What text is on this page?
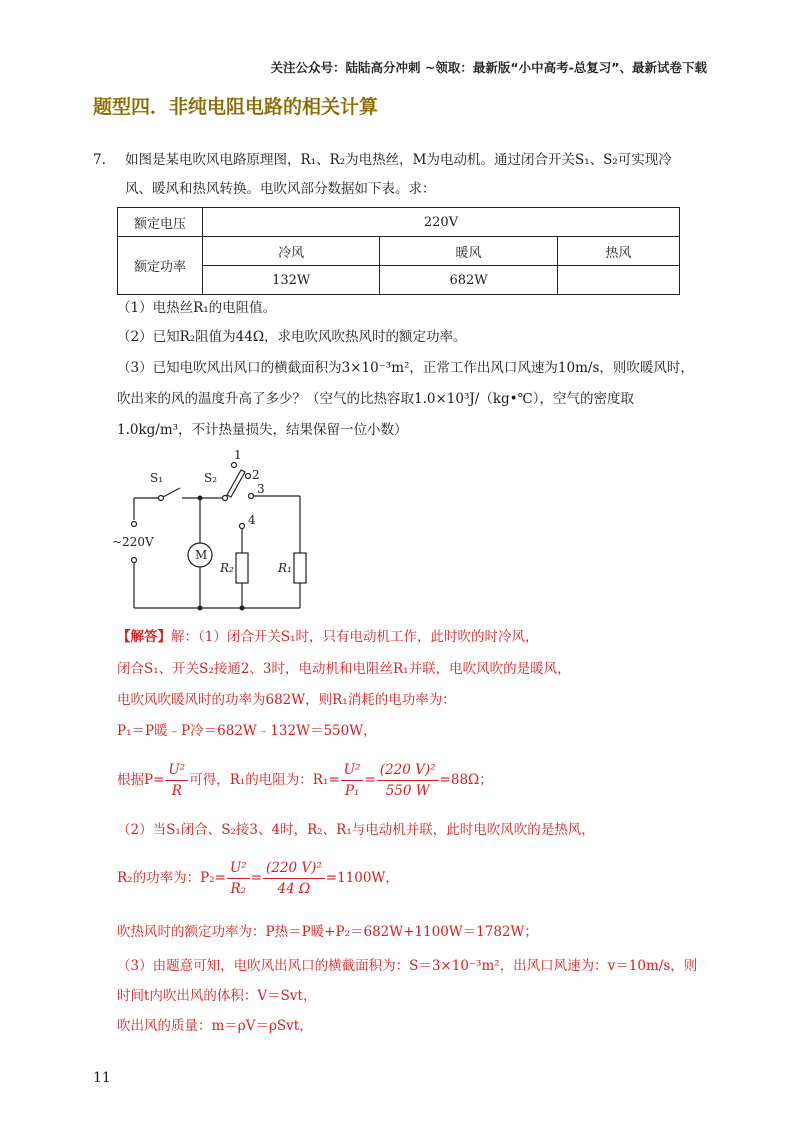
关注公众号：陆陆高分冲刺 ~领取：最新版“小中高考-总复习”、最新试卷下载
题型四．非纯电阻电路的相关计算
7. 如图是某电吹风电路原理图，R₁、R₂为电热丝，M为电动机。通过闭合开关S₁、S₂可实现冷
风、暖风和热风转换。电吹风部分数据如下表。求：
额定电压	220V		
额定功率	冷风	暖风	热风
	132W	682W	
（1）电热丝R₁的电阻值。
（2）已知R₂阻值为44Ω，求电吹风吹热风时的额定功率。
（3）已知电吹风出风口的横截面积为3×10⁻³m²，正常工作出风口风速为10m/s，则吹暖风时，
吹出来的风的温度升高了多少？（空气的比热容取1.0×10³J/（kg•℃），空气的密度取
1.0kg/m³，不计热量损失，结果保留一位小数）
S₁	S₂
1
2
3
4
~220V
M
R₂	R₁
【解答】解：（1）闭合开关S₁时，只有电动机工作，此时吹的时冷风，
闭合S₁、开关S₂接通2、3时，电动机和电阻丝R₁并联，电吹风吹的是暖风，
电吹风吹暖风时的功率为682W，则R₁消耗的电功率为：
P₁＝P暖﹣P冷＝682W﹣132W＝550W，
根据$P= \frac{\text{U²}}{R}$ 可得，R₁的电阻为：$R_1= \frac{\text{U²}}{\text{P₁}} = \frac{\text{(220 V)²}}{550 W} =88\Omega$；
（2）当S₁闭合、S₂接3、4时，R₂、R₁与电动机并联，此时电吹风吹的是热风，
R₂的功率为：$P_2= \frac{\text{U²}}{\text{R₂}} = \frac{\text{(220 V)²}}{44 \Omega} =1100W$，
吹热风时的额定功率为：P热＝P暖+P₂＝682W+1100W＝1782W；
（3）由题意可知，电吹风出风口的横截面积为：S＝3×10⁻³m²，出风口风速为：v＝10m/s，则
时间t内吹出风的体积：V＝Svt，
吹出风的质量：m＝ρV＝ρSvt，
11
